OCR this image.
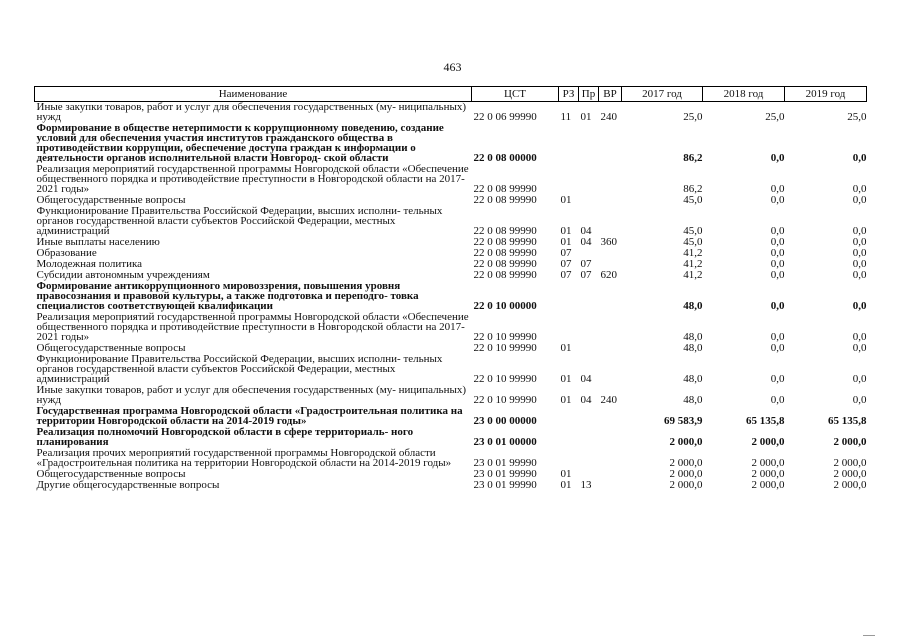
463
Наименование	ЦСТ	РЗ	Пр	ВР	2017 год	2018 год	2019 год
Иные закупки товаров, работ и услуг для обеспечения государственных (му- ниципальных) нужд	22 0 06 99990	11	01	240	25,0	25,0	25,0
Формирование в обществе нетерпимости к коррупционному поведению, создание условий для обеспечения участия институтов гражданского общества в противодействии коррупции, обеспечение доступа граждан к информации о деятельности органов исполнительной власти Новгород- ской области	22 0 08 00000				86,2	0,0	0,0
Реализация мероприятий государственной программы Новгородской области «Обеспечение общественного порядка и противодействие преступности в Новгородской области на 2017-2021 годы»	22 0 08 99990				86,2	0,0	0,0
Общегосударственные вопросы	22 0 08 99990	01			45,0	0,0	0,0
Функционирование Правительства Российской Федерации, высших исполни- тельных органов государственной власти субъектов Российской Федерации, местных администраций	22 0 08 99990	01	04		45,0	0,0	0,0
Иные выплаты населению	22 0 08 99990	01	04	360	45,0	0,0	0,0
Образование	22 0 08 99990	07			41,2	0,0	0,0
Молодежная политика	22 0 08 99990	07	07		41,2	0,0	0,0
Субсидии автономным учреждениям	22 0 08 99990	07	07	620	41,2	0,0	0,0
Формирование антикоррупционного мировоззрения, повышения уровня правосознания и правовой культуры, а также подготовка и переподго- товка специалистов соответствующей квалификации	22 0 10 00000				48,0	0,0	0,0
Реализация мероприятий государственной программы Новгородской области «Обеспечение общественного порядка и противодействие преступности в Новгородской области на 2017-2021 годы»	22 0 10 99990				48,0	0,0	0,0
Общегосударственные вопросы	22 0 10 99990	01			48,0	0,0	0,0
Функционирование Правительства Российской Федерации, высших исполни- тельных органов государственной власти субъектов Российской Федерации, местных администраций	22 0 10 99990	01	04		48,0	0,0	0,0
Иные закупки товаров, работ и услуг для обеспечения государственных (му- ниципальных) нужд	22 0 10 99990	01	04	240	48,0	0,0	0,0
Государственная программа Новгородской области «Градостроительная политика на территории Новгородской области на 2014-2019 годы»	23 0 00 00000				69 583,9	65 135,8	65 135,8
Реализация полномочий Новгородской области в сфере территориаль- ного планирования	23 0 01 00000				2 000,0	2 000,0	2 000,0
Реализация прочих мероприятий государственной программы Новгородской области «Градостроительная политика на территории Новгородской области на 2014-2019 годы»	23 0 01 99990				2 000,0	2 000,0	2 000,0
Общегосударственные вопросы	23 0 01 99990	01			2 000,0	2 000,0	2 000,0
Другие общегосударственные вопросы	23 0 01 99990	01	13		2 000,0	2 000,0	2 000,0
